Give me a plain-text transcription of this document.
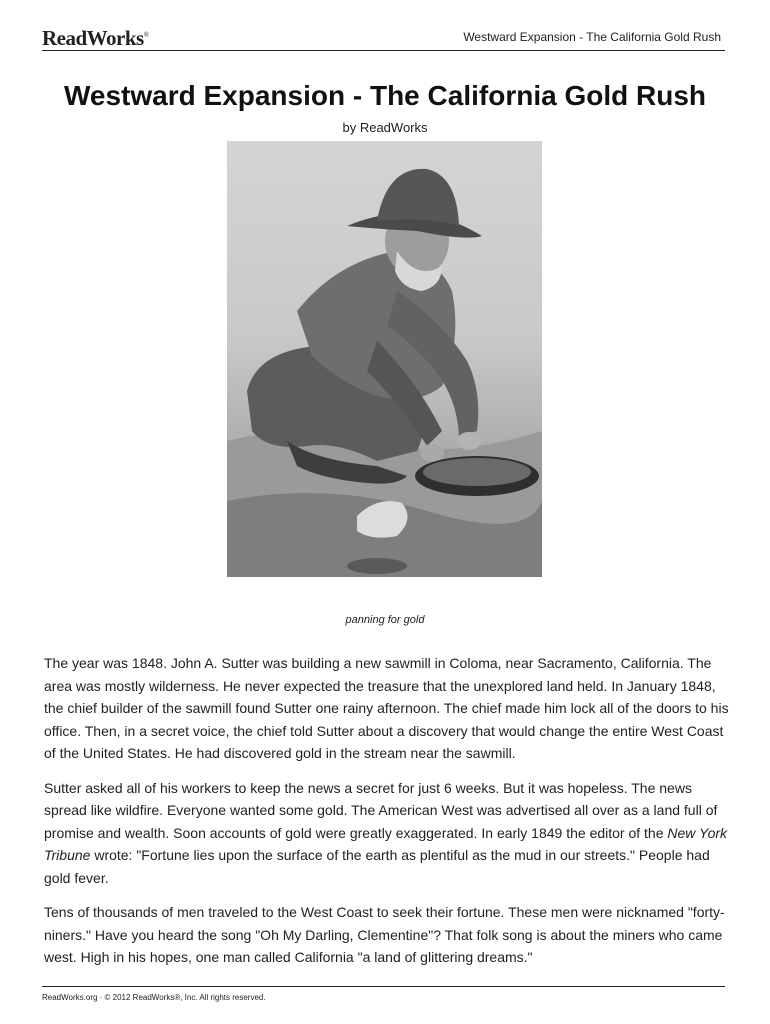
ReadWorks®	Westward Expansion - The California Gold Rush
Westward Expansion - The California Gold Rush
by ReadWorks
panning for gold

The year was 1848. John A. Sutter was building a new sawmill in Coloma, near Sacramento, California. The area was mostly wilderness. He never expected the treasure that the unexplored land held. In January 1848, the chief builder of the sawmill found Sutter one rainy afternoon. The chief made him lock all of the doors to his office. Then, in a secret voice, the chief told Sutter about a discovery that would change the entire West Coast of the United States. He had discovered gold in the stream near the sawmill.

Sutter asked all of his workers to keep the news a secret for just 6 weeks. But it was hopeless. The news spread like wildfire. Everyone wanted some gold. The American West was advertised all over as a land full of promise and wealth. Soon accounts of gold were greatly exaggerated. In early 1849 the editor of the New York Tribune wrote: "Fortune lies upon the surface of the earth as plentiful as the mud in our streets." People had gold fever.

Tens of thousands of men traveled to the West Coast to seek their fortune. These men were nicknamed "forty-niners." Have you heard the song "Oh My Darling, Clementine"? That folk song is about the miners who came west. High in his hopes, one man called California "a land of glittering dreams."

ReadWorks.org · © 2012 ReadWorks®, Inc. All rights reserved.
